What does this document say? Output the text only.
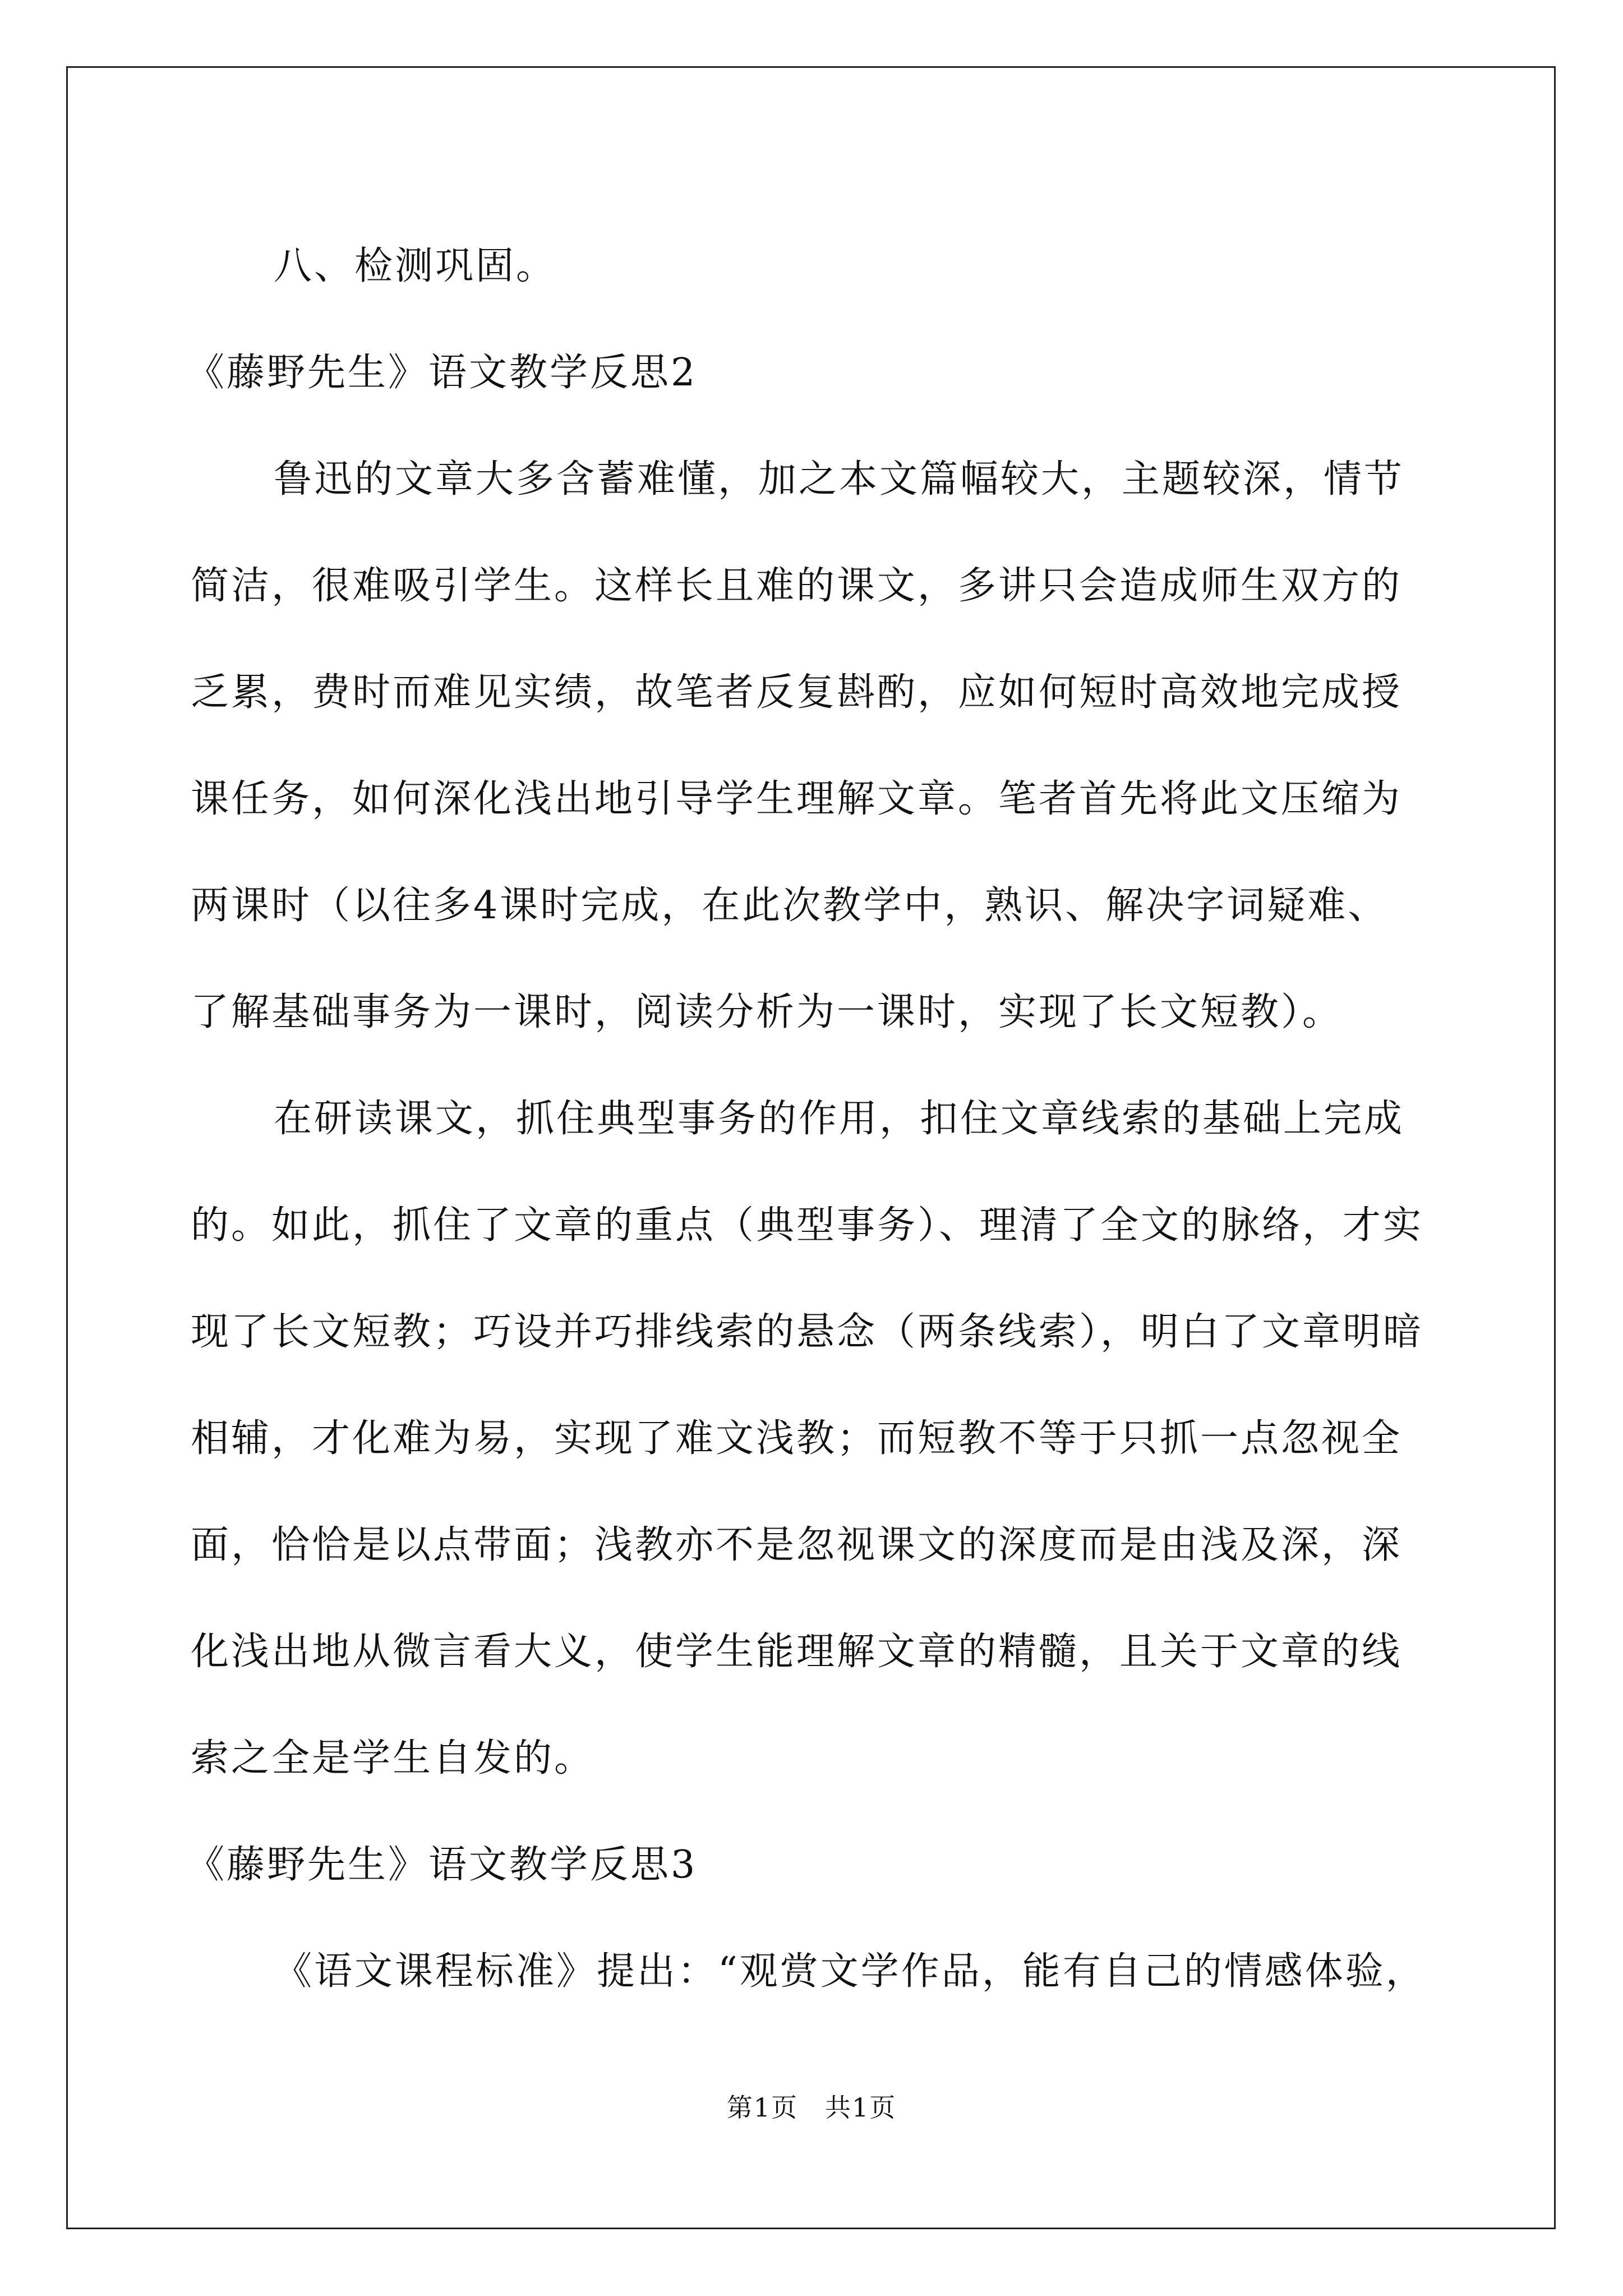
八、检测巩固。
《藤野先生》语文教学反思2
鲁迅的文章大多含蓄难懂，加之本文篇幅较大，主题较深，情节
简洁，很难吸引学生。这样长且难的课文，多讲只会造成师生双方的
乏累，费时而难见实绩，故笔者反复斟酌，应如何短时高效地完成授
课任务，如何深化浅出地引导学生理解文章。笔者首先将此文压缩为
两课时（以往多4课时完成，在此次教学中，熟识、解决字词疑难、
了解基础事务为一课时，阅读分析为一课时，实现了长文短教）。
在研读课文，抓住典型事务的作用，扣住文章线索的基础上完成
的。如此，抓住了文章的重点（典型事务）、理清了全文的脉络，才实
现了长文短教；巧设并巧排线索的悬念（两条线索），明白了文章明暗
相辅，才化难为易，实现了难文浅教；而短教不等于只抓一点忽视全
面，恰恰是以点带面；浅教亦不是忽视课文的深度而是由浅及深，深
化浅出地从微言看大义，使学生能理解文章的精髓，且关于文章的线
索之全是学生自发的。
《藤野先生》语文教学反思3
《语文课程标准》提出：“观赏文学作品，能有自己的情感体验，
第1页　共1页
